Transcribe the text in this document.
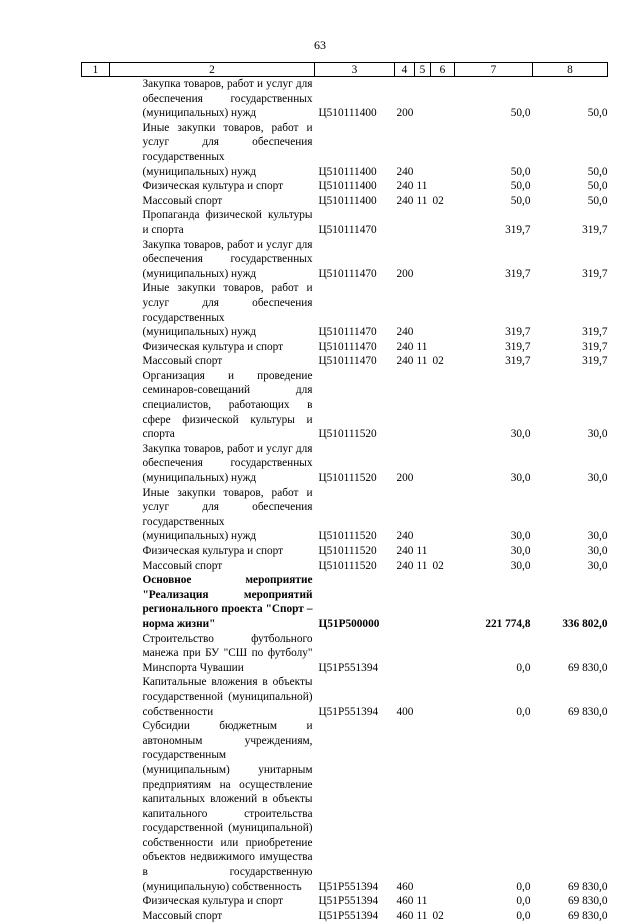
63
1	2	3	4	5	6	7	8
	Закупка товаров, работ и услуг для обеспечения государственных (муниципальных) нужд	Ц510111400	200			50,0	50,0
	Иные закупки товаров, работ и услуг для обеспечения государственных (муниципальных) нужд	Ц510111400	240			50,0	50,0
	Физическая культура и спорт	Ц510111400	240	11		50,0	50,0
	Массовый спорт	Ц510111400	240	11	02	50,0	50,0
	Пропаганда физической культуры и спорта	Ц510111470				319,7	319,7
	Закупка товаров, работ и услуг для обеспечения государственных (муниципальных) нужд	Ц510111470	200			319,7	319,7
	Иные закупки товаров, работ и услуг для обеспечения государственных (муниципальных) нужд	Ц510111470	240			319,7	319,7
	Физическая культура и спорт	Ц510111470	240	11		319,7	319,7
	Массовый спорт	Ц510111470	240	11	02	319,7	319,7
	Организация и проведение семинаров-совещаний для специалистов, работающих в сфере физической культуры и спорта	Ц510111520				30,0	30,0
	Закупка товаров, работ и услуг для обеспечения государственных (муниципальных) нужд	Ц510111520	200			30,0	30,0
	Иные закупки товаров, работ и услуг для обеспечения государственных (муниципальных) нужд	Ц510111520	240			30,0	30,0
	Физическая культура и спорт	Ц510111520	240	11		30,0	30,0
	Массовый спорт	Ц510111520	240	11	02	30,0	30,0
	Основное мероприятие "Реализация мероприятий регионального проекта "Спорт – норма жизни"	Ц51Р500000				221 774,8	336 802,0
	Строительство футбольного манежа при БУ "СШ по футболу" Минспорта Чувашии	Ц51Р551394				0,0	69 830,0
	Капитальные вложения в объекты государственной (муниципальной) собственности	Ц51Р551394	400			0,0	69 830,0
	Субсидии бюджетным и автономным учреждениям, государственным (муниципальным) унитарным предприятиям на осуществление капитальных вложений в объекты капитального строительства государственной (муниципальной) собственности или приобретение объектов недвижимого имущества в государственную (муниципальную) собственность	Ц51Р551394	460			0,0	69 830,0
	Физическая культура и спорт	Ц51Р551394	460	11		0,0	69 830,0
	Массовый спорт	Ц51Р551394	460	11	02	0,0	69 830,0
